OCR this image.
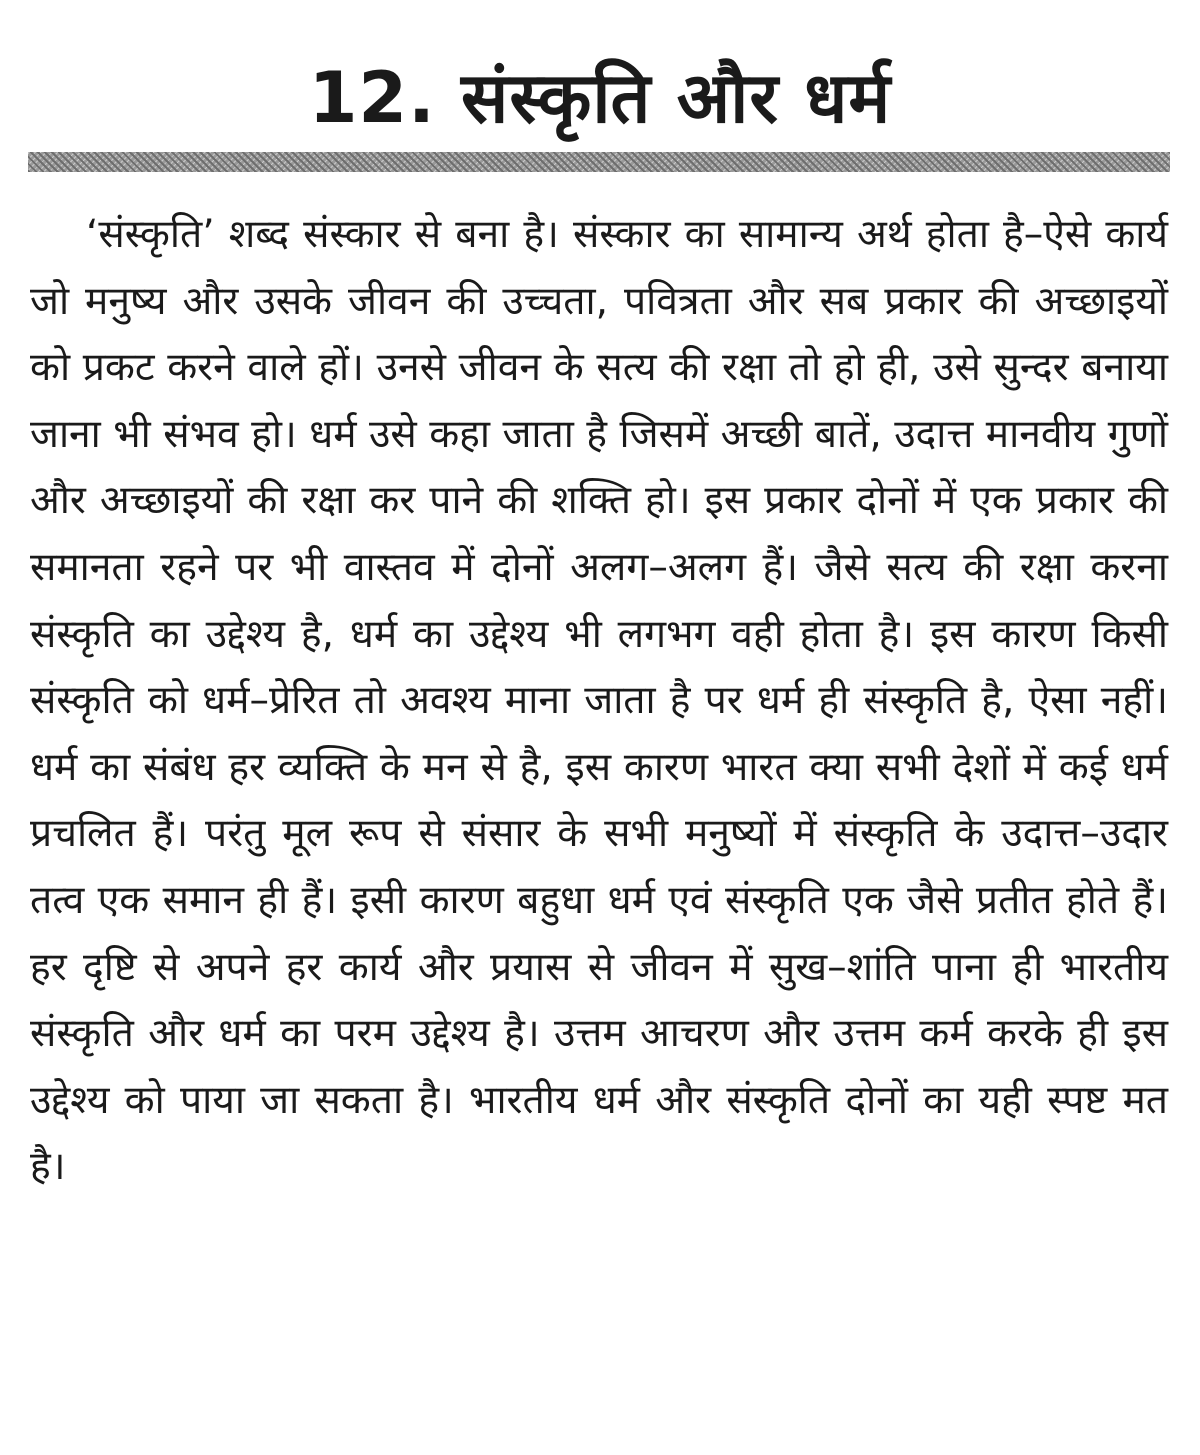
12. संस्कृति और धर्म

‘संस्कृति’ शब्द संस्कार से बना है। संस्कार का सामान्य अर्थ होता है–ऐसे कार्य जो मनुष्य और उसके जीवन की उच्चता, पवित्रता और सब प्रकार की अच्छाइयों को प्रकट करने वाले हों। उनसे जीवन के सत्य की रक्षा तो हो ही, उसे सुन्दर बनाया जाना भी संभव हो। धर्म उसे कहा जाता है जिसमें अच्छी बातें, उदात्त मानवीय गुणों और अच्छाइयों की रक्षा कर पाने की शक्ति हो। इस प्रकार दोनों में एक प्रकार की समानता रहने पर भी वास्तव में दोनों अलग–अलग हैं। जैसे सत्य की रक्षा करना संस्कृति का उद्देश्य है, धर्म का उद्देश्य भी लगभग वही होता है। इस कारण किसी संस्कृति को धर्म–प्रेरित तो अवश्य माना जाता है पर धर्म ही संस्कृति है, ऐसा नहीं। धर्म का संबंध हर व्यक्ति के मन से है, इस कारण भारत क्या सभी देशों में कई धर्म प्रचलित हैं। परंतु मूल रूप से संसार के सभी मनुष्यों में संस्कृति के उदात्त–उदार तत्व एक समान ही हैं। इसी कारण बहुधा धर्म एवं संस्कृति एक जैसे प्रतीत होते हैं। हर दृष्टि से अपने हर कार्य और प्रयास से जीवन में सुख–शांति पाना ही भारतीय संस्कृति और धर्म का परम उद्देश्य है। उत्तम आचरण और उत्तम कर्म करके ही इस उद्देश्य को पाया जा सकता है। भारतीय धर्म और संस्कृति दोनों का यही स्पष्ट मत है।
